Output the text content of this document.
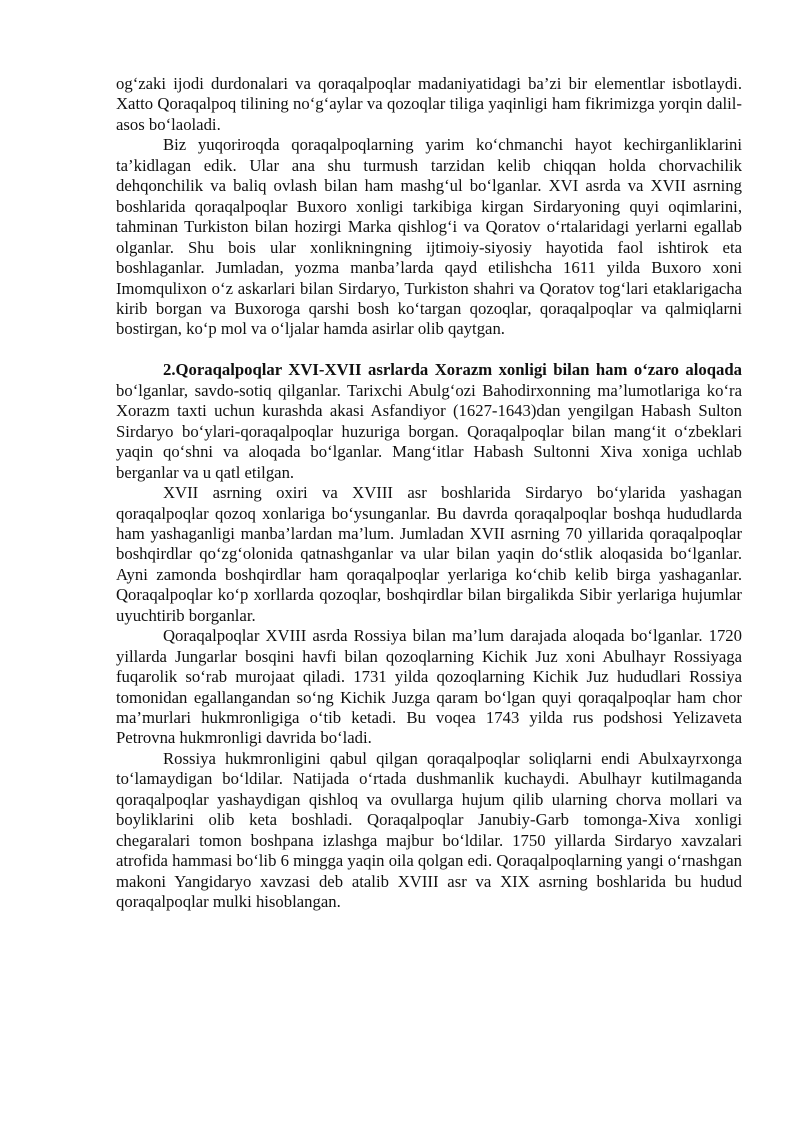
og‘zaki ijodi durdonalari va qoraqalpoqlar madaniyatidagi ba’zi bir elementlar isbotlaydi. Xatto Qoraqalpoq tilining no‘g‘aylar va qozoqlar tiliga yaqinligi ham fikrimizga yorqin dalil-asos bo‘laoladi.

Biz yuqoriroqda qoraqalpoqlarning yarim ko‘chmanchi hayot kechirganliklarini ta’kidlagan edik. Ular ana shu turmush tarzidan kelib chiqqan holda chorvachilik dehqonchilik va baliq ovlash bilan ham mashg‘ul bo‘lganlar. XVI asrda va XVII asrning boshlarida qoraqalpoqlar Buxoro xonligi tarkibiga kirgan Sirdaryoning quyi oqimlarini, tahminan Turkiston bilan hozirgi Marka qishlog‘i va Qoratov o‘rtalaridagi yerlarni egallab olganlar. Shu bois ular xonlikningning ijtimoiy-siyosiy hayotida faol ishtirok eta boshlaganlar. Jumladan, yozma manba’larda qayd etilishcha 1611 yilda Buxoro xoni Imomqulixon o‘z askarlari bilan Sirdaryo, Turkiston shahri va Qoratov tog‘lari etaklarigacha kirib borgan va Buxoroga qarshi bosh ko‘targan qozoqlar, qoraqalpoqlar va qalmiqlarni bostirgan, ko‘p mol va o‘ljalar hamda asirlar olib qaytgan.

2.Qoraqalpoqlar XVI-XVII asrlarda Xorazm xonligi bilan ham o‘zaro aloqada bo‘lganlar, savdo-sotiq qilganlar. Tarixchi Abulg‘ozi Bahodirxonning ma’lumotlariga ko‘ra Xorazm taxti uchun kurashda akasi Asfandiyor (1627-1643)dan yengilgan Habash Sulton Sirdaryo bo‘ylari-qoraqalpoqlar huzuriga borgan. Qoraqalpoqlar bilan mang‘it o‘zbeklari yaqin qo‘shni va aloqada bo‘lganlar. Mang‘itlar Habash Sultonni Xiva xoniga uchlab berganlar va u qatl etilgan.

XVII asrning oxiri va XVIII asr boshlarida Sirdaryo bo‘ylarida yashagan qoraqalpoqlar qozoq xonlariga bo‘ysunganlar. Bu davrda qoraqalpoqlar boshqa hududlarda ham yashaganligi manba’lardan ma’lum. Jumladan XVII asrning 70 yillarida qoraqalpoqlar boshqirdlar qo‘zg‘olonida qatnashganlar va ular bilan yaqin do‘stlik aloqasida bo‘lganlar. Ayni zamonda boshqirdlar ham qoraqalpoqlar yerlariga ko‘chib kelib birga yashaganlar. Qoraqalpoqlar ko‘p xorllarda qozoqlar, boshqirdlar bilan birgalikda Sibir yerlariga hujumlar uyuchtirib borganlar.

Qoraqalpoqlar XVIII asrda Rossiya bilan ma’lum darajada aloqada bo‘lganlar. 1720 yillarda Jungarlar bosqini havfi bilan qozoqlarning Kichik Juz xoni Abulhayr Rossiyaga fuqarolik so‘rab murojaat qiladi. 1731 yilda qozoqlarning Kichik Juz hududlari Rossiya tomonidan egallangandan so‘ng Kichik Juzga qaram bo‘lgan quyi qoraqalpoqlar ham chor ma’murlari hukmronligiga o‘tib ketadi. Bu voqea 1743 yilda rus podshosi Yelizaveta Petrovna hukmronligi davrida bo‘ladi.

Rossiya hukmronligini qabul qilgan qoraqalpoqlar soliqlarni endi Abulxayrxonga to‘lamaydigan bo‘ldilar. Natijada o‘rtada dushmanlik kuchaydi. Abulhayr kutilmaganda qoraqalpoqlar yashaydigan qishloq va ovullarga hujum qilib ularning chorva mollari va boyliklarini olib keta boshladi. Qoraqalpoqlar Janubiy-Garb tomonga-Xiva xonligi chegaralari tomon boshpana izlashga majbur bo‘ldilar. 1750 yillarda Sirdaryo xavzalari atrofida hammasi bo‘lib 6 mingga yaqin oila qolgan edi. Qoraqalpoqlarning yangi o‘rnashgan makoni Yangidaryo xavzasi deb atalib XVIII asr va XIX asrning boshlarida bu hudud qoraqalpoqlar mulki hisoblangan.
